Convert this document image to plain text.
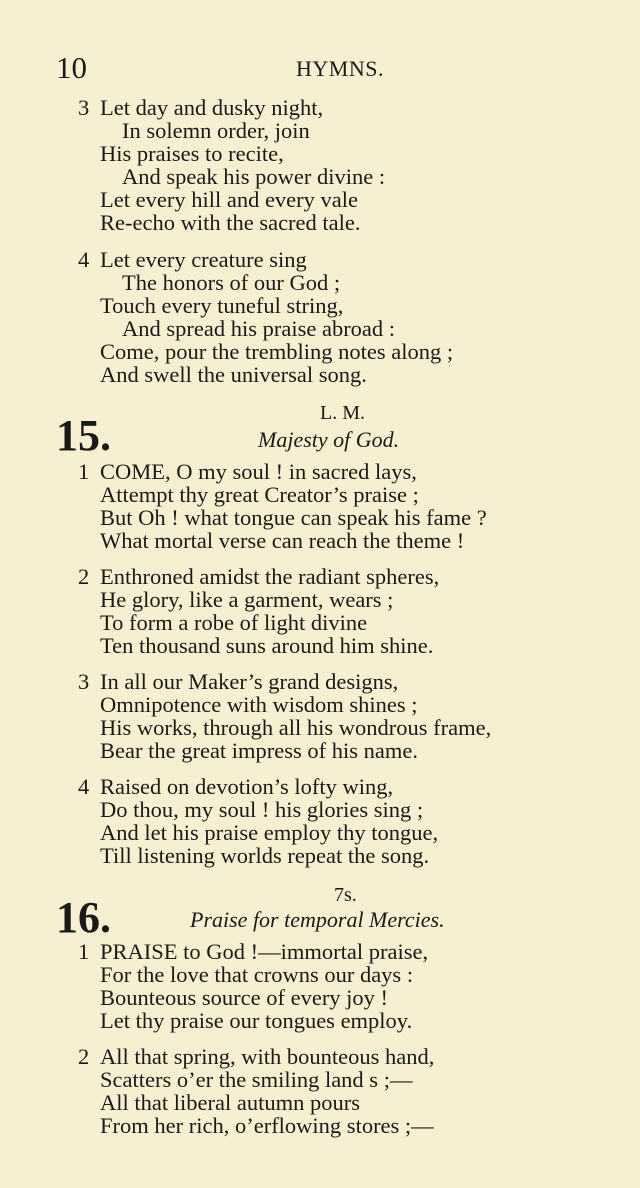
10	HYMNS.
3 Let day and dusky night,
In solemn order, join
His praises to recite,
And speak his power divine :
Let every hill and every vale
Re-echo with the sacred tale.
4 Let every creature sing
The honors of our God ;
Touch every tuneful string,
And spread his praise abroad :
Come, pour the trembling notes along ;
And swell the universal song.
15.	L. M.
Majesty of God.
1 COME, O my soul ! in sacred lays,
Attempt thy great Creator’s praise ;
But Oh ! what tongue can speak his fame ?
What mortal verse can reach the theme !
2 Enthroned amidst the radiant spheres,
He glory, like a garment, wears ;
To form a robe of light divine
Ten thousand suns around him shine.
3 In all our Maker’s grand designs,
Omnipotence with wisdom shines ;
His works, through all his wondrous frame,
Bear the great impress of his name.
4 Raised on devotion’s lofty wing,
Do thou, my soul ! his glories sing ;
And let his praise employ thy tongue,
Till listening worlds repeat the song.
16.	7s.
Praise for temporal Mercies.
1 PRAISE to God !—immortal praise,
For the love that crowns our days :
Bounteous source of every joy !
Let thy praise our tongues employ.
2 All that spring, with bounteous hand,
Scatters o’er the smiling land s ;—
All that liberal autumn pours
From her rich, o’erflowing stores ;—
